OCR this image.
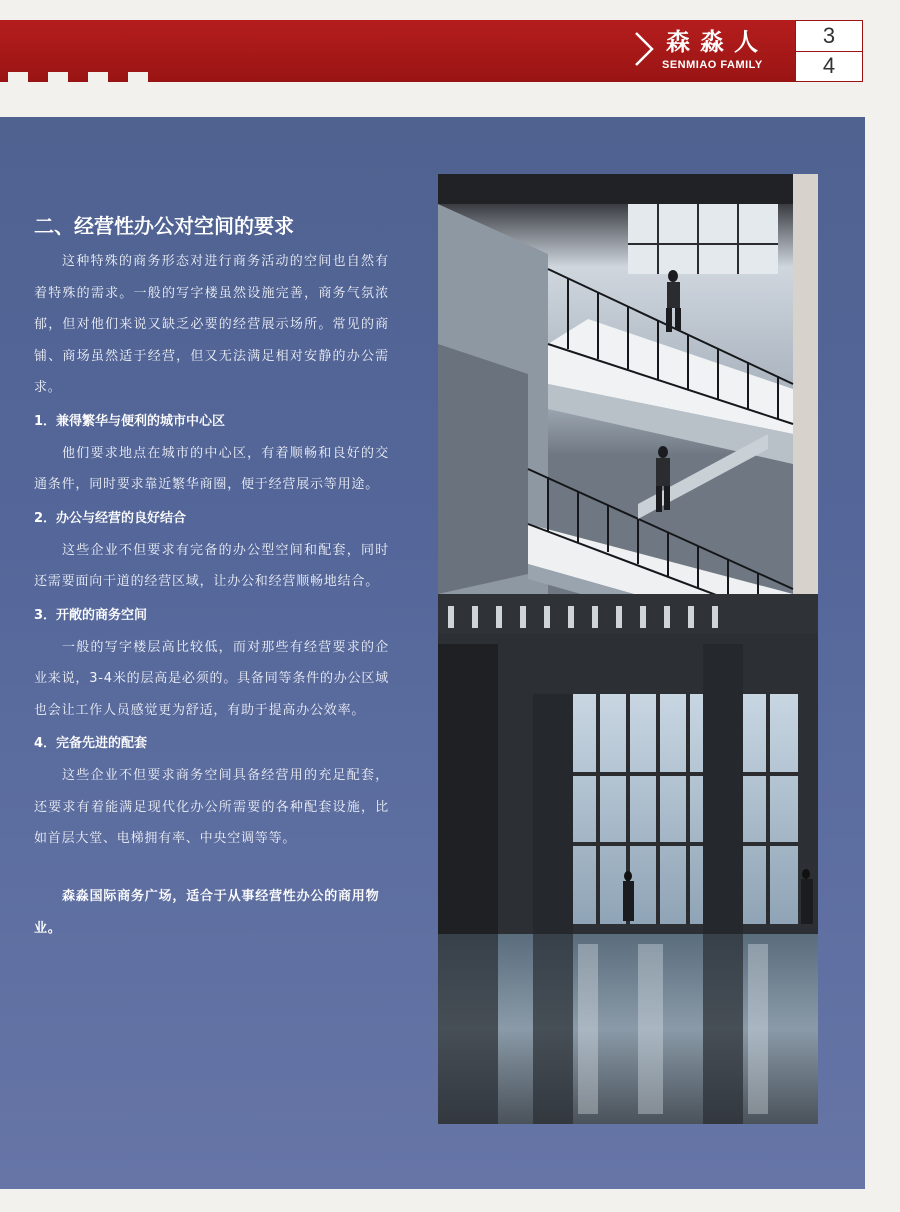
森淼人
SENMIAO FAMILY
3
4
二、经营性办公对空间的要求

这种特殊的商务形态对进行商务活动的空间也自然有着特殊的需求。一般的写字楼虽然设施完善，商务气氛浓郁，但对他们来说又缺乏必要的经营展示场所。常见的商铺、商场虽然适于经营，但又无法满足相对安静的办公需求。

1．兼得繁华与便利的城市中心区

他们要求地点在城市的中心区，有着顺畅和良好的交通条件，同时要求靠近繁华商圈，便于经营展示等用途。

2．办公与经营的良好结合

这些企业不但要求有完备的办公型空间和配套，同时还需要面向干道的经营区域，让办公和经营顺畅地结合。

3．开敞的商务空间

一般的写字楼层高比较低，而对那些有经营要求的企业来说，3-4米的层高是必须的。具备同等条件的办公区域也会让工作人员感觉更为舒适，有助于提高办公效率。

4．完备先进的配套

这些企业不但要求商务空间具备经营用的充足配套，还要求有着能满足现代化办公所需要的各种配套设施，比如首层大堂、电梯拥有率、中央空调等等。

森淼国际商务广场，适合于从事经营性办公的商用物业。
